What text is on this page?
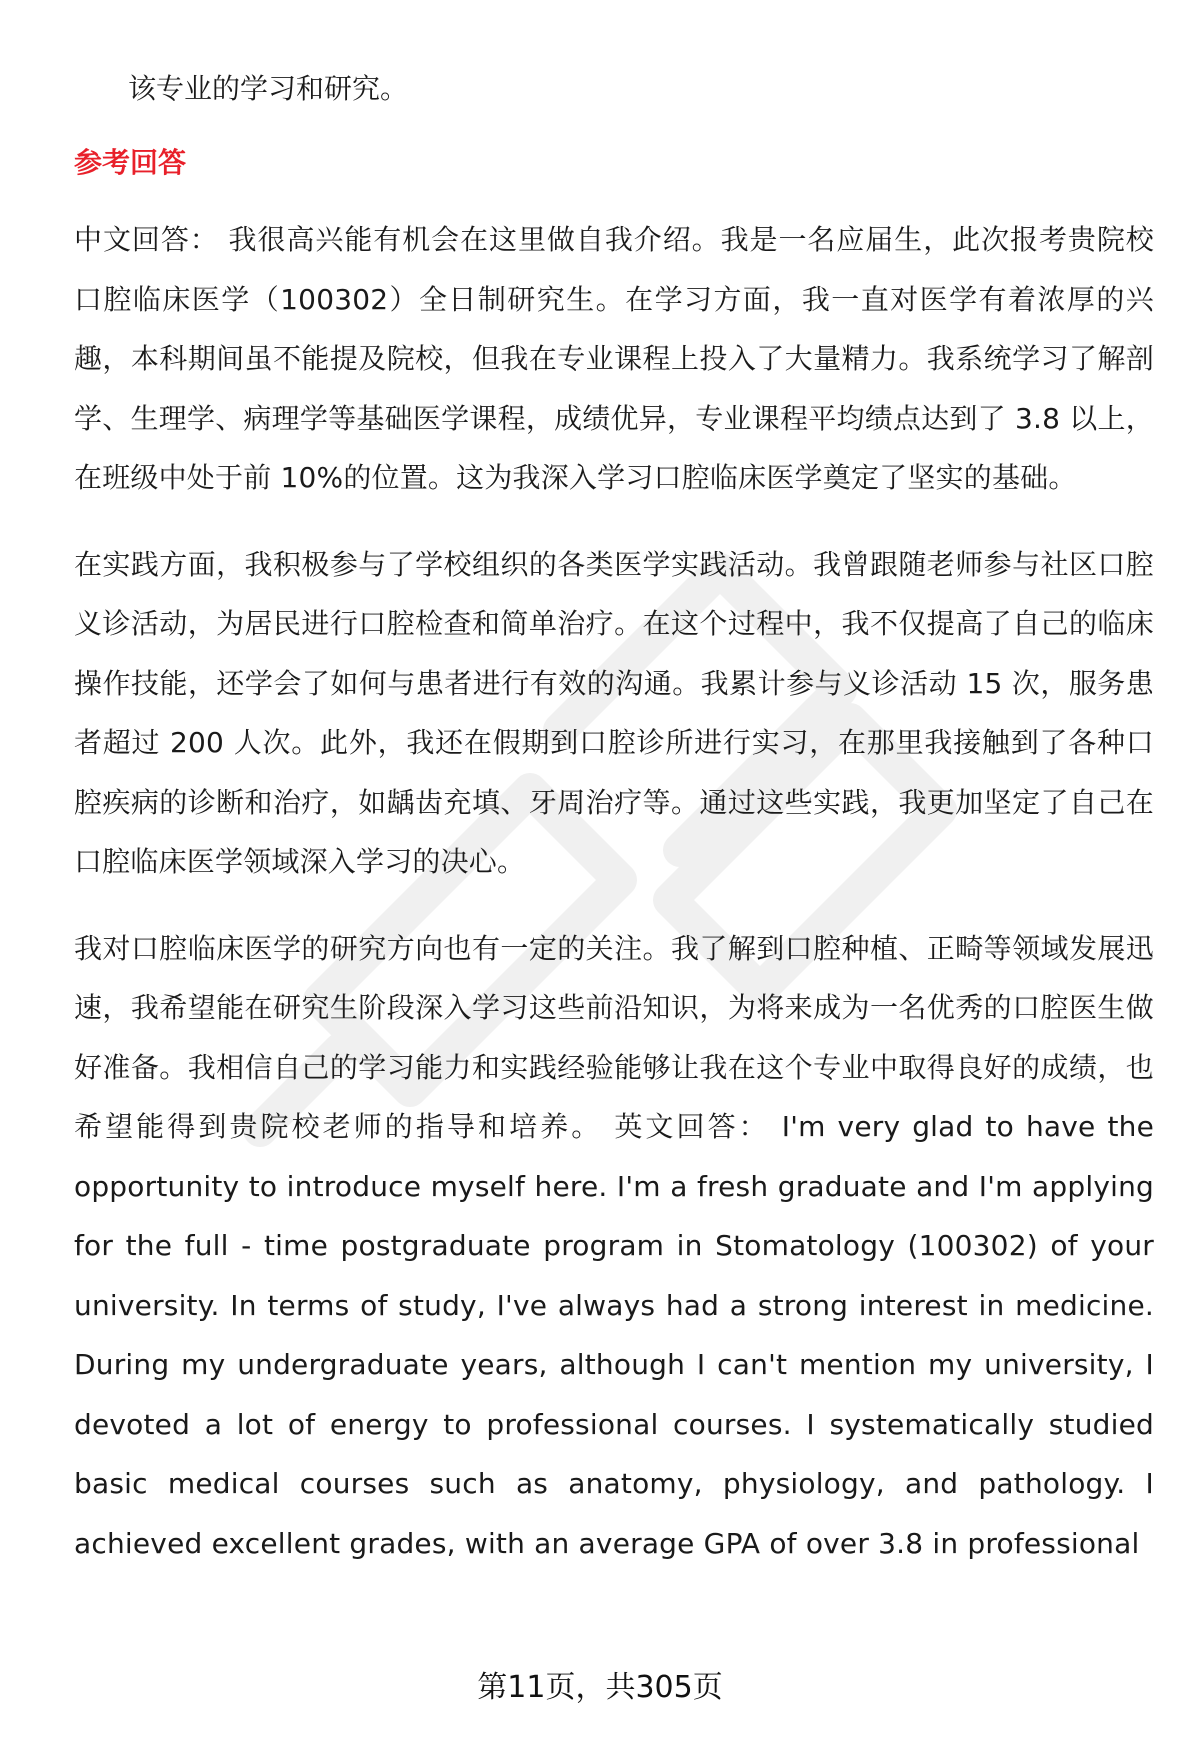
该专业的学习和研究。

参考回答

中文回答： 我很高兴能有机会在这里做自我介绍。我是一名应届生，此次报考贵院校口腔临床医学（100302）全日制研究生。在学习方面，我一直对医学有着浓厚的兴趣，本科期间虽不能提及院校，但我在专业课程上投入了大量精力。我系统学习了解剖学、生理学、病理学等基础医学课程，成绩优异，专业课程平均绩点达到了 3.8 以上，在班级中处于前 10%的位置。这为我深入学习口腔临床医学奠定了坚实的基础。

在实践方面，我积极参与了学校组织的各类医学实践活动。我曾跟随老师参与社区口腔义诊活动，为居民进行口腔检查和简单治疗。在这个过程中，我不仅提高了自己的临床操作技能，还学会了如何与患者进行有效的沟通。我累计参与义诊活动 15 次，服务患者超过 200 人次。此外，我还在假期到口腔诊所进行实习，在那里我接触到了各种口腔疾病的诊断和治疗，如龋齿充填、牙周治疗等。通过这些实践，我更加坚定了自己在口腔临床医学领域深入学习的决心。

我对口腔临床医学的研究方向也有一定的关注。我了解到口腔种植、正畸等领域发展迅速，我希望能在研究生阶段深入学习这些前沿知识，为将来成为一名优秀的口腔医生做好准备。我相信自己的学习能力和实践经验能够让我在这个专业中取得良好的成绩，也希望能得到贵院校老师的指导和培养。 英文回答： I'm very glad to have the opportunity to introduce myself here. I'm a fresh graduate and I'm applying for the full - time postgraduate program in Stomatology (100302) of your university. In terms of study, I've always had a strong interest in medicine. During my undergraduate years, although I can't mention my university, I devoted a lot of energy to professional courses. I systematically studied basic medical courses such as anatomy, physiology, and pathology. I achieved excellent grades, with an average GPA of over 3.8 in professional

第11页，共305页
